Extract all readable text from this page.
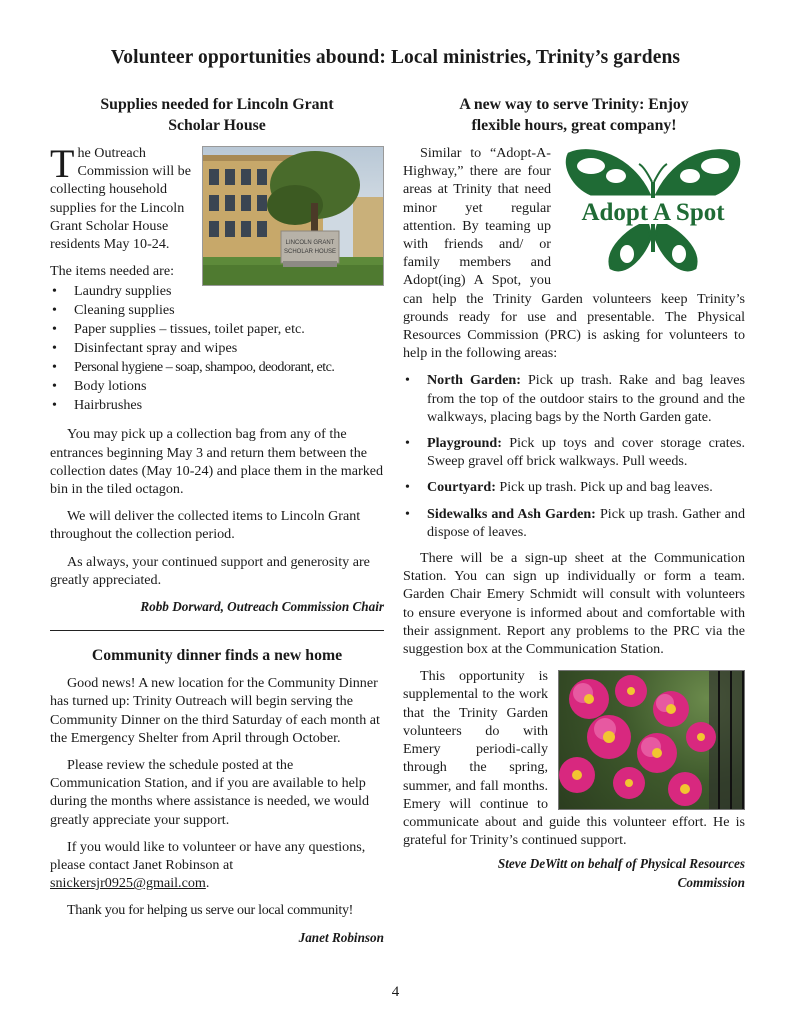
Volunteer opportunities abound: Local ministries, Trinity’s gardens
Supplies needed for Lincoln Grant
Scholar House
LINCOLN GRANT
SCHOLAR HOUSE

The Outreach Commission will be collecting household supplies for the Lincoln Grant Scholar House residents May 10-24.

The items needed are:

• Laundry supplies
• Cleaning supplies
• Paper supplies – tissues, toilet paper, etc.
• Disinfectant spray and wipes
• Personal hygiene – soap, shampoo, deodorant, etc.
• Body lotions
• Hairbrushes

You may pick up a collection bag from any of the entrances beginning May 3 and return them between the collection dates (May 10-24) and place them in the marked bin in the tiled octagon.

We will deliver the collected items to Lincoln Grant throughout the collection period.

As always, your continued support and generosity are greatly appreciated.

Robb Dorward, Outreach Commission Chair
Community dinner finds a new home

Good news! A new location for the Community Dinner has turned up: Trinity Outreach will begin serving the Community Dinner on the third Saturday of each month at the Emergency Shelter from April through October.

Please review the schedule posted at the Communication Station, and if you are available to help during the months where assistance is needed, we would greatly appreciate your support.

If you would like to volunteer or have any questions, please contact Janet Robinson at snickersjr0925@gmail.com.

Thank you for helping us serve our local community!

Janet Robinson
A new way to serve Trinity: Enjoy
flexible hours, great company!
Adopt A Spot

Similar to “Adopt-A-Highway,” there are four areas at Trinity that need minor yet regular attention. By teaming up with friends and/ or family members and Adopt(ing) A Spot, you can help the Trinity Garden volunteers keep Trinity’s grounds ready for use and presentable. The Physical Resources Commission (PRC) is asking for volunteers to help in the following areas:

• North Garden: Pick up trash. Rake and bag leaves from the top of the outdoor stairs to the ground and the walkways, placing bags by the North Garden gate.
• Playground: Pick up toys and cover storage crates. Sweep gravel off brick walkways. Pull weeds.
• Courtyard: Pick up trash. Pick up and bag leaves.
• Sidewalks and Ash Garden: Pick up trash. Gather and dispose of leaves.

There will be a sign-up sheet at the Communication Station. You can sign up individually or form a team. Garden Chair Emery Schmidt will consult with volunteers to ensure everyone is informed about and comfortable with their assignment. Report any problems to the PRC via the suggestion box at the Communication Station.

This opportunity is supplemental to the work that the Trinity Garden volunteers do with Emery periodi-cally through the spring, summer, and fall months. Emery will continue to communicate about and guide this volunteer effort. He is grateful for Trinity’s continued support.

Steve DeWitt on behalf of Physical Resources
Commission
4
